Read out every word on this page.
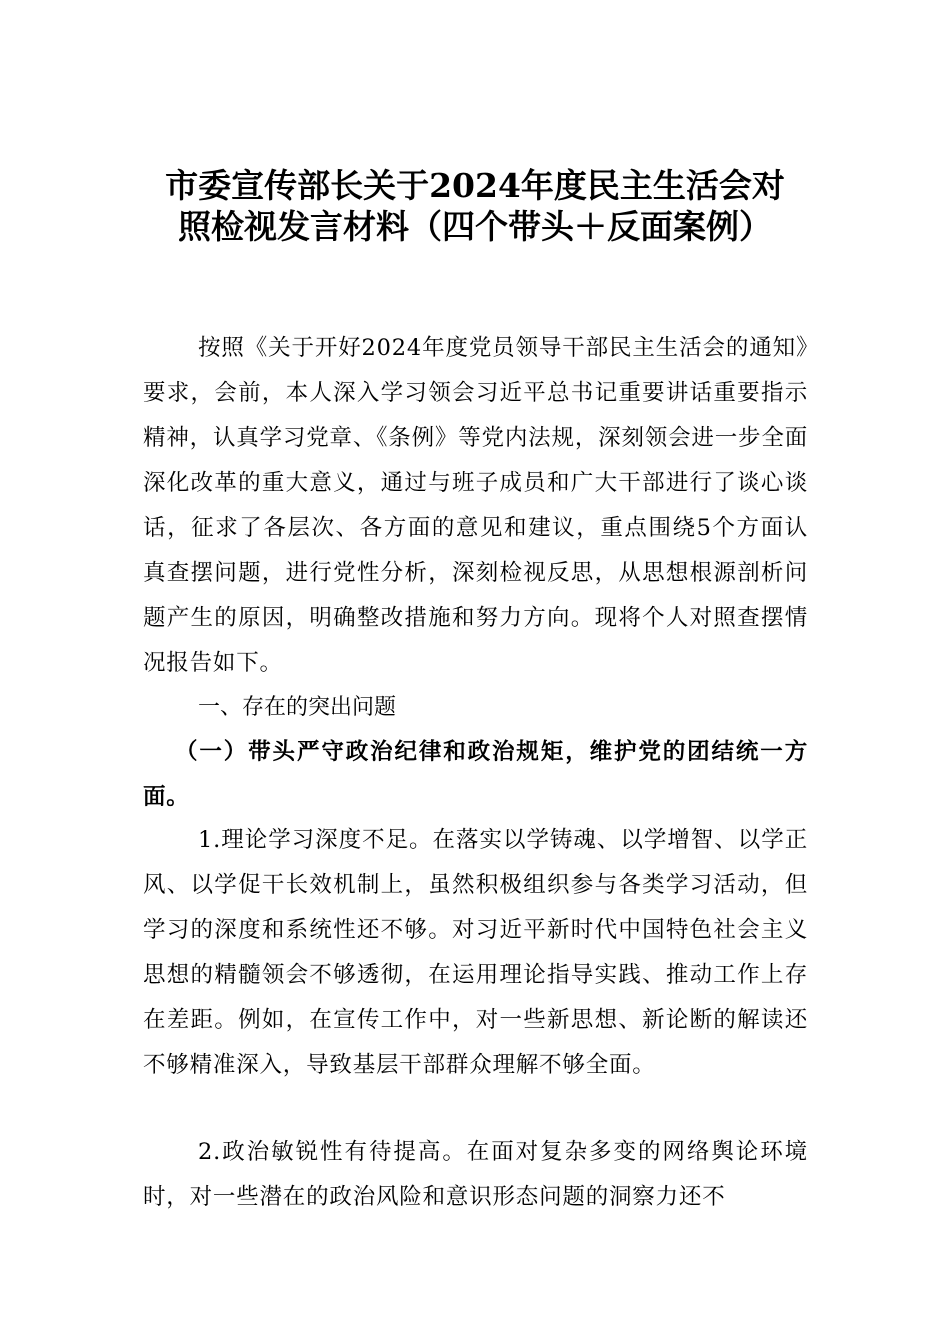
市委宣传部长关于2024年度民主生活会对
照检视发言材料（四个带头＋反面案例）
按照《关于开好2024年度党员领导干部民主生活会的通知》要求，会前，本人深入学习领会习近平总书记重要讲话重要指示精神，认真学习党章、《条例》等党内法规，深刻领会进一步全面深化改革的重大意义，通过与班子成员和广大干部进行了谈心谈话，征求了各层次、各方面的意见和建议，重点围绕5个方面认真查摆问题，进行党性分析，深刻检视反思，从思想根源剖析问题产生的原因，明确整改措施和努力方向。现将个人对照查摆情况报告如下。
一、存在的突出问题
（一）带头严守政治纪律和政治规矩，维护党的团结统一方面。
1.理论学习深度不足。在落实以学铸魂、以学增智、以学正风、以学促干长效机制上，虽然积极组织参与各类学习活动，但学习的深度和系统性还不够。对习近平新时代中国特色社会主义思想的精髓领会不够透彻，在运用理论指导实践、推动工作上存在差距。例如，在宣传工作中，对一些新思想、新论断的解读还不够精准深入，导致基层干部群众理解不够全面。
2.政治敏锐性有待提高。在面对复杂多变的网络舆论环境时，对一些潜在的政治风险和意识形态问题的洞察力还不
